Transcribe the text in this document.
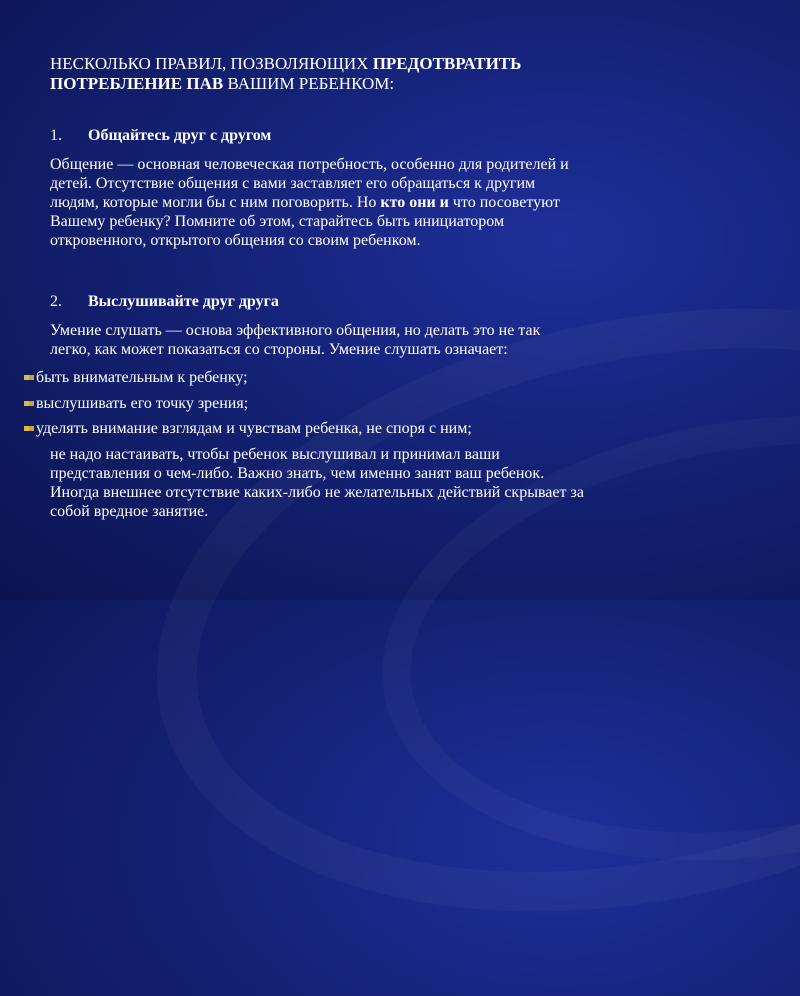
НЕСКОЛЬКО ПРАВИЛ, ПОЗВОЛЯЮЩИХ ПРЕДОТВРАТИТЬ
ПОТРЕБЛЕНИЕ ПАВ ВАШИМ РЕБЕНКОМ:
1. Общайтесь друг с другом
Общение — основная человеческая потребность, особенно для родителей и
детей. Отсутствие общения с вами заставляет его обращаться к другим
людям, которые могли бы с ним поговорить. Но кто они и что посоветуют
Вашему ребенку? Помните об этом, старайтесь быть инициатором
откровенного, открытого общения со своим ребенком.
2. Выслушивайте друг друга
Умение слушать — основа эффективного общения, но делать это не так
легко, как может показаться со стороны. Умение слушать означает:
быть внимательным к ребенку;
выслушивать его точку зрения;
уделять внимание взглядам и чувствам ребенка, не споря с ним;
не надо настаивать, чтобы ребенок выслушивал и принимал ваши
представления о чем-либо. Важно знать, чем именно занят ваш ребенок.
Иногда внешнее отсутствие каких-либо не желательных действий скрывает за
собой вредное занятие.
